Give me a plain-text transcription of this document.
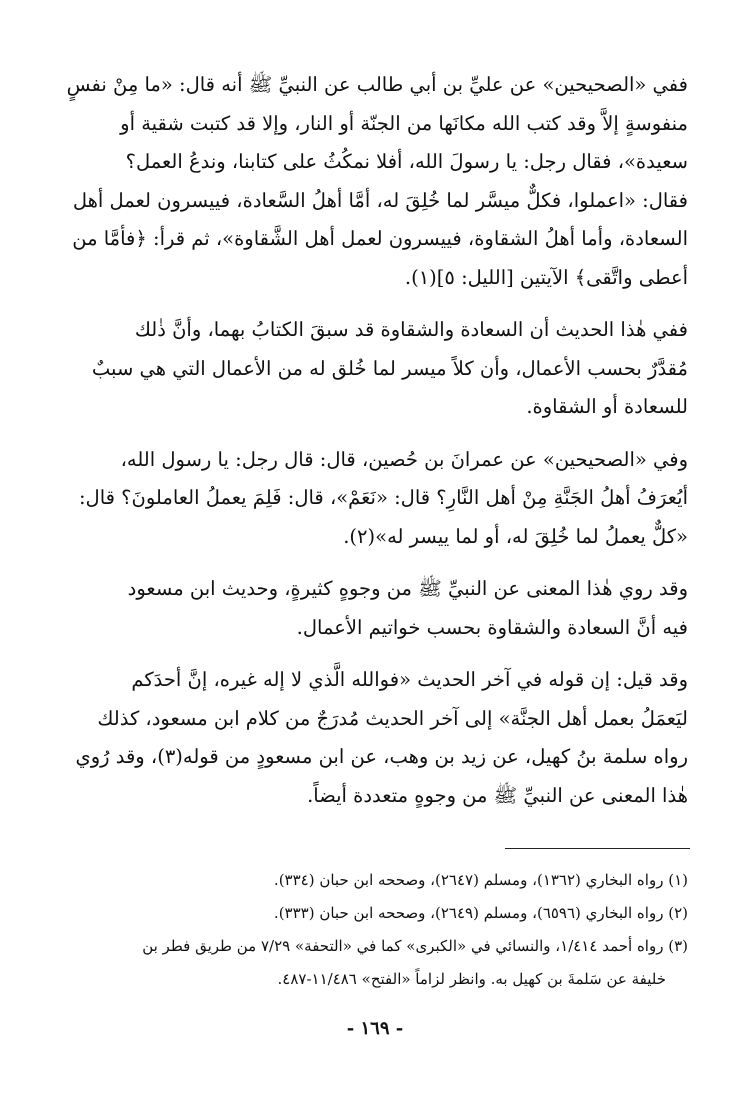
ففي «الصحيحين» عن عليِّ بن أبي طالب عن النبيِّ ﷺ أنه قال: «ما مِنْ نفسٍ
منفوسةٍ إلاَّ وقد كتب الله مكانَها من الجنّة أو النار، وإلا قد كتبت شقية أو
سعيدة»، فقال رجل: يا رسولَ الله، أفلا نمكُثُ على كتابنا، وندعُ العمل؟
فقال: «اعملوا، فكلٌّ ميسَّر لما خُلِقَ له، أمَّا أهلُ السَّعادة، فييسرون لعمل أهل
السعادة، وأما أهلُ الشقاوة، فييسرون لعمل أهل الشَّقاوة»، ثم قرأ: ﴿فأمَّا من
أعطى واتَّقى﴾ الآيتين [الليل: ٥](١).

ففي هٰذا الحديث أن السعادة والشقاوة قد سبقَ الكتابُ بهما، وأنَّ ذٰلك
مُقدَّرٌ بحسب الأعمال، وأن كلاً ميسر لما خُلق له من الأعمال التي هي سببٌ
للسعادة أو الشقاوة.

وفي «الصحيحين» عن عمرانَ بن حُصين، قال: قال رجل: يا رسول الله،
أيُعرَفُ أهلُ الجَنَّةِ مِنْ أهل النَّارِ؟ قال: «نَعَمْ»، قال: فَلِمَ يعملُ العاملونَ؟ قال:
«كلٌّ يعملُ لما خُلِقَ له، أو لما ييسر له»(٢).

وقد روي هٰذا المعنى عن النبيِّ ﷺ من وجوهٍ كثيرةٍ، وحديث ابن مسعود
فيه أنَّ السعادة والشقاوة بحسب خواتيم الأعمال.

وقد قيل: إن قوله في آخر الحديث «فوالله الَّذي لا إله غيره، إنَّ أحدَكم
ليَعمَلُ بعمل أهل الجنَّة» إلى آخر الحديث مُدرَجٌ من كلام ابن مسعود، كذلك
رواه سلمة بنُ كهيل، عن زيد بن وهب، عن ابن مسعودٍ من قوله(٣)، وقد رُوي
هٰذا المعنى عن النبيِّ ﷺ من وجوهٍ متعددة أيضاً.

(١) رواه البخاري (١٣٦٢)، ومسلم (٢٦٤٧)، وصححه ابن حبان (٣٣٤).
(٢) رواه البخاري (٦٥٩٦)، ومسلم (٢٦٤٩)، وصححه ابن حبان (٣٣٣).
(٣) رواه أحمد ١/٤١٤، والنسائي في «الكبرى» كما في «التحفة» ٧/٢٩ من طريق فطر بن
خليفة عن سَلمةَ بن كهيل به. وانظر لزاماً «الفتح» ١١/٤٨٦-٤٨٧.
- ١٦٩ -
